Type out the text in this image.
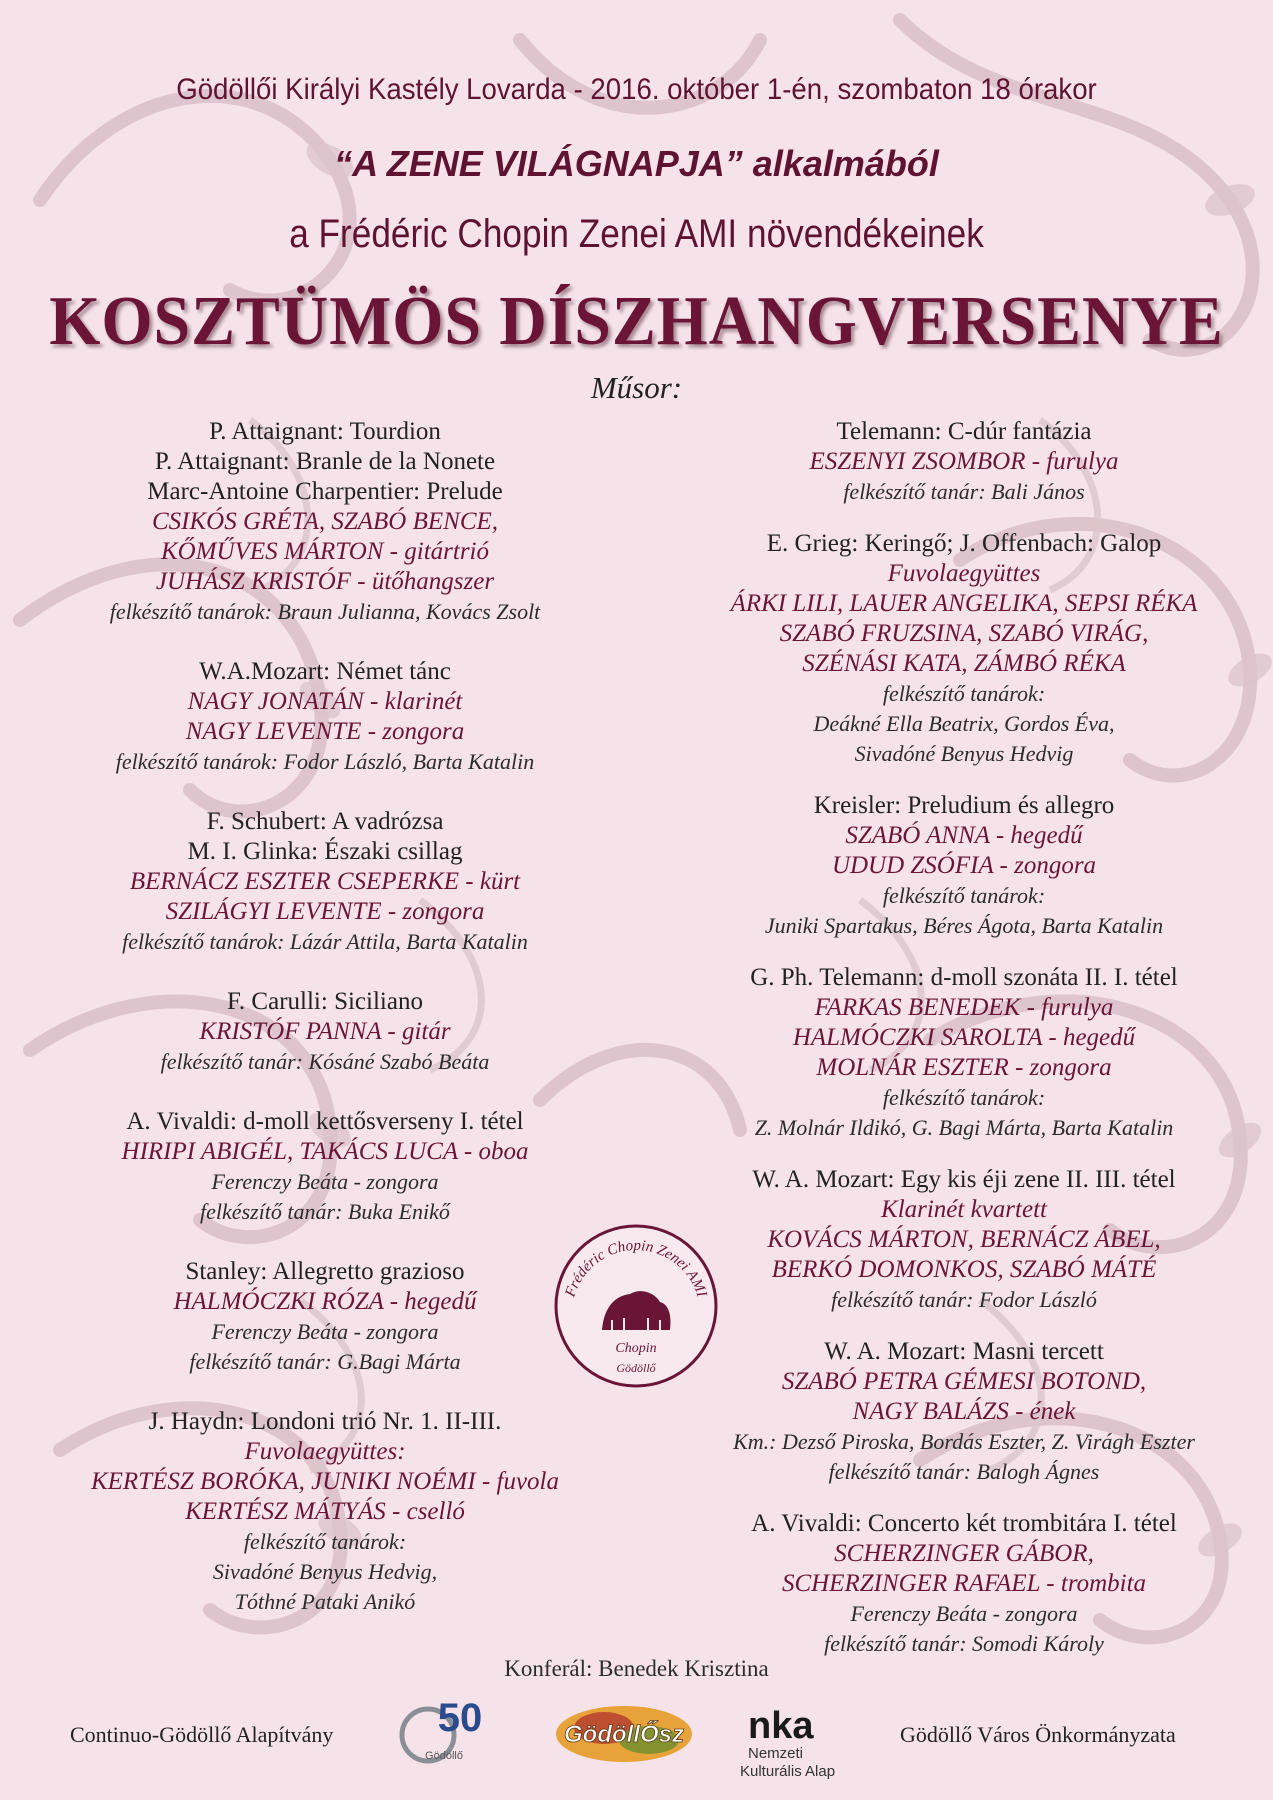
Gödöllői Királyi Kastély Lovarda - 2016. október 1-én, szombaton 18 órakor
“A ZENE VILÁGNAPJA” alkalmából
a Frédéric Chopin Zenei AMI növendékeinek
KOSZTÜMÖS DÍSZHANGVERSENYE
Műsor:
P. Attaignant: Tourdion
P. Attaignant: Branle de la Nonete
Marc-Antoine Charpentier: Prelude
CSIKÓS GRÉTA, SZABÓ BENCE,
KŐMŰVES MÁRTON - gitártrió
JUHÁSZ KRISTÓF - ütőhangszer
felkészítő tanárok: Braun Julianna, Kovács Zsolt
W.A.Mozart: Német tánc
NAGY JONATÁN - klarinét
NAGY LEVENTE - zongora
felkészítő tanárok: Fodor László, Barta Katalin
F. Schubert: A vadrózsa
M. I. Glinka: Északi csillag
BERNÁCZ ESZTER CSEPERKE - kürt
SZILÁGYI LEVENTE - zongora
felkészítő tanárok: Lázár Attila, Barta Katalin
F. Carulli: Siciliano
KRISTÓF PANNA - gitár
felkészítő tanár: Kósáné Szabó Beáta
A. Vivaldi: d-moll kettősverseny I. tétel
HIRIPI ABIGÉL, TAKÁCS LUCA - oboa
Ferenczy Beáta - zongora
felkészítő tanár: Buka Enikő
Stanley: Allegretto grazioso
HALMÓCZKI RÓZA - hegedű
Ferenczy Beáta - zongora
felkészítő tanár: G.Bagi Márta
J. Haydn: Londoni trió Nr. 1. II-III.
Fuvolaegyüttes:
KERTÉSZ BORÓKA, JUNIKI NOÉMI - fuvola
KERTÉSZ MÁTYÁS - cselló
felkészítő tanárok:
Sivadóné Benyus Hedvig,
Tóthné Pataki Anikó
Telemann: C-dúr fantázia
ESZENYI ZSOMBOR - furulya
felkészítő tanár: Bali János
E. Grieg: Keringő; J. Offenbach: Galop
Fuvolaegyüttes
ÁRKI LILI, LAUER ANGELIKA, SEPSI RÉKA
SZABÓ FRUZSINA, SZABÓ VIRÁG,
SZÉNÁSI KATA, ZÁMBÓ RÉKA
felkészítő tanárok:
Deákné Ella Beatrix, Gordos Éva,
Sivadóné Benyus Hedvig
Kreisler: Preludium és allegro
SZABÓ ANNA - hegedű
UDUD ZSÓFIA - zongora
felkészítő tanárok:
Juniki Spartakus, Béres Ágota, Barta Katalin
G. Ph. Telemann: d-moll szonáta II. I. tétel
FARKAS BENEDEK - furulya
HALMÓCZKI SAROLTA - hegedű
MOLNÁR ESZTER - zongora
felkészítő tanárok:
Z. Molnár Ildikó, G. Bagi Márta, Barta Katalin
W. A. Mozart: Egy kis éji zene II. III. tétel
Klarinét kvartett
KOVÁCS MÁRTON, BERNÁCZ ÁBEL,
BERKÓ DOMONKOS, SZABÓ MÁTÉ
felkészítő tanár: Fodor László
W. A. Mozart: Masni tercett
SZABÓ PETRA GÉMESI BOTOND,
NAGY BALÁZS - ének
Km.: Dezső Piroska, Bordás Eszter, Z. Virágh Eszter
felkészítő tanár: Balogh Ágnes
A. Vivaldi: Concerto két trombitára I. tétel
SCHERZINGER GÁBOR,
SCHERZINGER RAFAEL - trombita
Ferenczy Beáta - zongora
felkészítő tanár: Somodi Károly
Frédéric Chopin Zenei AMI
Chopin
Gödöllő
Konferál: Benedek Krisztina
Continuo-Gödöllő Alapítvány	50
Gödöllő
GödöllŐsz nka
Nemzeti
Kulturális Alap
Gödöllő Város Önkormányzata
